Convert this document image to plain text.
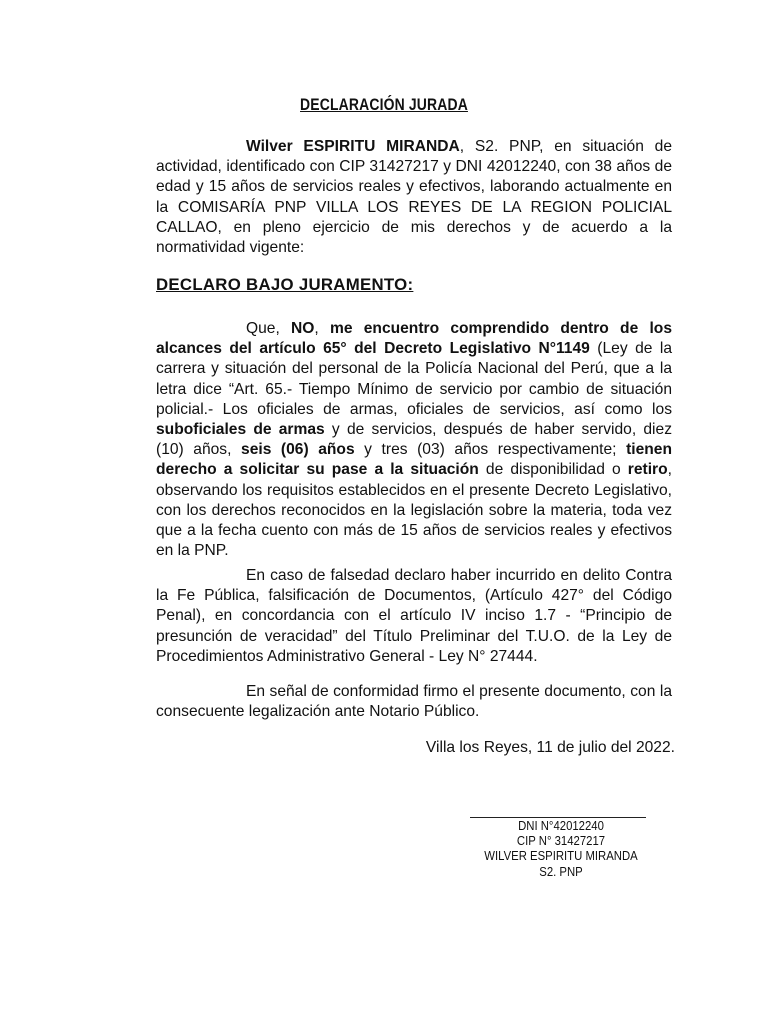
DECLARACIÓN JURADA

Wilver ESPIRITU MIRANDA, S2. PNP, en situación de actividad, identificado con CIP 31427217 y DNI 42012240, con 38 años de edad y 15 años de servicios reales y efectivos, laborando actualmente en la COMISARÍA PNP VILLA LOS REYES DE LA REGION POLICIAL CALLAO, en pleno ejercicio de mis derechos y de acuerdo a la normatividad vigente:

DECLARO BAJO JURAMENTO:

Que, NO, me encuentro comprendido dentro de los alcances del artículo 65° del Decreto Legislativo N°1149 (Ley de la carrera y situación del personal de la Policía Nacional del Perú, que a la letra dice “Art. 65.- Tiempo Mínimo de servicio por cambio de situación policial.- Los oficiales de armas, oficiales de servicios, así como los suboficiales de armas y de servicios, después de haber servido, diez (10) años, seis (06) años y tres (03) años respectivamente; tienen derecho a solicitar su pase a la situación de disponibilidad o retiro, observando los requisitos establecidos en el presente Decreto Legislativo, con los derechos reconocidos en la legislación sobre la materia, toda vez que a la fecha cuento con más de 15 años de servicios reales y efectivos en la PNP.

En caso de falsedad declaro haber incurrido en delito Contra la Fe Pública, falsificación de Documentos, (Artículo 427° del Código Penal), en concordancia con el artículo IV inciso 1.7 - “Principio de presunción de veracidad” del Título Preliminar del T.U.O. de la Ley de Procedimientos Administrativo General - Ley N° 27444.

En señal de conformidad firmo el presente documento, con la consecuente legalización ante Notario Público.

Villa los Reyes, 11 de julio del 2022.
DNI N°42012240
CIP N° 31427217
WILVER ESPIRITU MIRANDA
S2. PNP
